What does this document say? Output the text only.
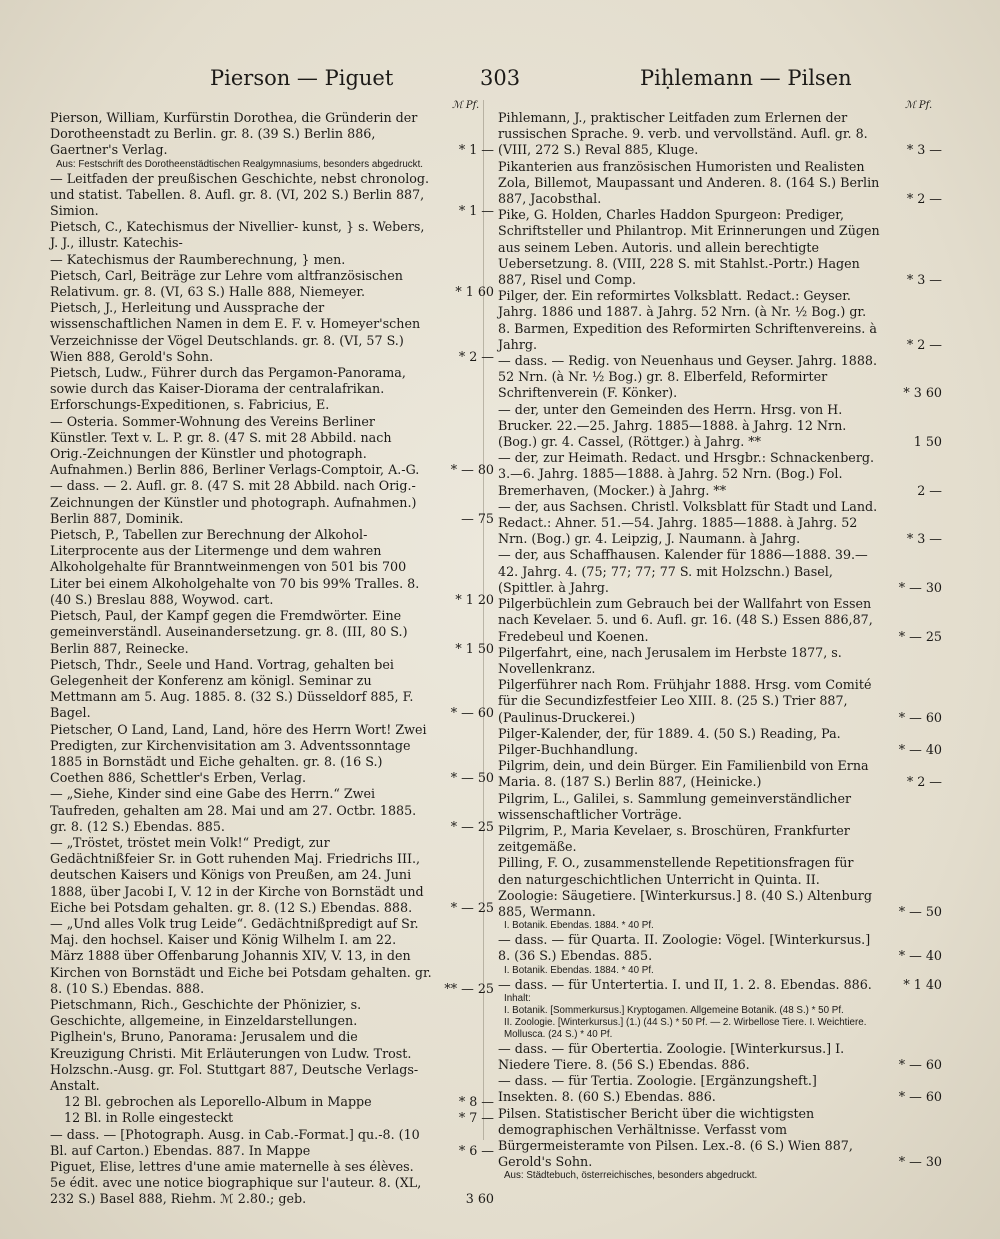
Pierson — Piguet	303	Piḥlemann — Pilsen
ℳ Pf.	ℳ Pf.
Pierson, William, Kurfürstin Dorothea, die Gründerin der Dorotheenstadt zu Berlin. gr. 8. (39 S.) Berlin 886, Gaertner's Verlag.	* 1 —
Aus: Festschrift des Dorotheenstädtischen Realgymnasiums, besonders abgedruckt.
— Leitfaden der preußischen Geschichte, nebst chronolog. und statist. Tabellen. 8. Aufl. gr. 8. (VI, 202 S.) Berlin 887, Simion.	* 1 —
Pietsch, C., Katechismus der Nivellier- kunst, } s. Webers, J. J., illustr. Katechis-
— Katechismus der Raumberechnung, } men.
Pietsch, Carl, Beiträge zur Lehre vom altfranzösischen Relativum. gr. 8. (VI, 63 S.) Halle 888, Niemeyer.	* 1 60
Pietsch, J., Herleitung und Aussprache der wissenschaftlichen Namen in dem E. F. v. Homeyer'schen Verzeichnisse der Vögel Deutschlands. gr. 8. (VI, 57 S.) Wien 888, Gerold's Sohn.	* 2 —
Pietsch, Ludw., Führer durch das Pergamon-Panorama, sowie durch das Kaiser-Diorama der centralafrikan. Erforschungs-Expeditionen, s. Fabricius, E.
— Osteria. Sommer-Wohnung des Vereins Berliner Künstler. Text v. L. P. gr. 8. (47 S. mit 28 Abbild. nach Orig.-Zeichnungen der Künstler und photograph. Aufnahmen.) Berlin 886, Berliner Verlags-Comptoir, A.-G.	* — 80
— dass. — 2. Aufl. gr. 8. (47 S. mit 28 Abbild. nach Orig.-Zeichnungen der Künstler und photograph. Aufnahmen.) Berlin 887, Dominik.	— 75
Pietsch, P., Tabellen zur Berechnung der Alkohol-Literprocente aus der Litermenge und dem wahren Alkoholgehalte für Branntweinmengen von 501 bis 700 Liter bei einem Alkoholgehalte von 70 bis 99% Tralles. 8. (40 S.) Breslau 888, Woywod. cart.	* 1 20
Pietsch, Paul, der Kampf gegen die Fremdwörter. Eine gemeinverständl. Auseinandersetzung. gr. 8. (III, 80 S.) Berlin 887, Reinecke.	* 1 50
Pietsch, Thdr., Seele und Hand. Vortrag, gehalten bei Gelegenheit der Konferenz am königl. Seminar zu Mettmann am 5. Aug. 1885. 8. (32 S.) Düsseldorf 885, F. Bagel.	* — 60
Pietscher, O Land, Land, Land, höre des Herrn Wort! Zwei Predigten, zur Kirchenvisitation am 3. Adventssonntage 1885 in Bornstädt und Eiche gehalten. gr. 8. (16 S.) Coethen 886, Schettler's Erben, Verlag.	* — 50
— „Siehe, Kinder sind eine Gabe des Herrn.“ Zwei Taufreden, gehalten am 28. Mai und am 27. Octbr. 1885. gr. 8. (12 S.) Ebendas. 885.	* — 25
— „Tröstet, tröstet mein Volk!“ Predigt, zur Gedächtnißfeier Sr. in Gott ruhenden Maj. Friedrichs III., deutschen Kaisers und Königs von Preußen, am 24. Juni 1888, über Jacobi I, V. 12 in der Kirche von Bornstädt und Eiche bei Potsdam gehalten. gr. 8. (12 S.) Ebendas. 888.	* — 25
— „Und alles Volk trug Leide“. Gedächtnißpredigt auf Sr. Maj. den hochsel. Kaiser und König Wilhelm I. am 22. März 1888 über Offenbarung Johannis XIV, V. 13, in den Kirchen von Bornstädt und Eiche bei Potsdam gehalten. gr. 8. (10 S.) Ebendas. 888.	** — 25
Pietschmann, Rich., Geschichte der Phönizier, s. Geschichte, allgemeine, in Einzeldarstellungen.
Piglhein's, Bruno, Panorama: Jerusalem und die Kreuzigung Christi. Mit Erläuterungen von Ludw. Trost. Holzschn.-Ausg. gr. Fol. Stuttgart 887, Deutsche Verlags-Anstalt.
12 Bl. gebrochen als Leporello-Album in Mappe	* 8 —
12 Bl. in Rolle eingesteckt	* 7 —
— dass. — [Photograph. Ausg. in Cab.-Format.] qu.-8. (10 Bl. auf Carton.) Ebendas. 887. In Mappe	* 6 —
Piguet, Elise, lettres d'une amie maternelle à ses élèves. 5e édit. avec une notice biographique sur l'auteur. 8. (XL, 232 S.) Basel 888, Riehm. ℳ 2.80.; geb.	3 60
Pihlemann, J., praktischer Leitfaden zum Erlernen der russischen Sprache. 9. verb. und vervollständ. Aufl. gr. 8. (VIII, 272 S.) Reval 885, Kluge.	* 3 —
Pikanterien aus französischen Humoristen und Realisten Zola, Billemot, Maupassant und Anderen. 8. (164 S.) Berlin 887, Jacobsthal.	* 2 —
Pike, G. Holden, Charles Haddon Spurgeon: Prediger, Schriftsteller und Philantrop. Mit Erinnerungen und Zügen aus seinem Leben. Autoris. und allein berechtigte Uebersetzung. 8. (VIII, 228 S. mit Stahlst.-Portr.) Hagen 887, Risel und Comp.	* 3 —
Pilger, der. Ein reformirtes Volksblatt. Redact.: Geyser. Jahrg. 1886 und 1887. à Jahrg. 52 Nrn. (à Nr. ½ Bog.) gr. 8. Barmen, Expedition des Reformirten Schriftenvereins. à Jahrg.	* 2 —
— dass. — Redig. von Neuenhaus und Geyser. Jahrg. 1888. 52 Nrn. (à Nr. ½ Bog.) gr. 8. Elberfeld, Reformirter Schriftenverein (F. Könker).	* 3 60
— der, unter den Gemeinden des Herrn. Hrsg. von H. Brucker. 22.—25. Jahrg. 1885—1888. à Jahrg. 12 Nrn. (Bog.) gr. 4. Cassel, (Röttger.) à Jahrg. **	1 50
— der, zur Heimath. Redact. und Hrsgbr.: Schnackenberg. 3.—6. Jahrg. 1885—1888. à Jahrg. 52 Nrn. (Bog.) Fol. Bremerhaven, (Mocker.) à Jahrg. **	2 —
— der, aus Sachsen. Christl. Volksblatt für Stadt und Land. Redact.: Ahner. 51.—54. Jahrg. 1885—1888. à Jahrg. 52 Nrn. (Bog.) gr. 4. Leipzig, J. Naumann. à Jahrg.	* 3 —
— der, aus Schaffhausen. Kalender für 1886—1888. 39.—42. Jahrg. 4. (75; 77; 77; 77 S. mit Holzschn.) Basel, (Spittler. à Jahrg.	* — 30
Pilgerbüchlein zum Gebrauch bei der Wallfahrt von Essen nach Kevelaer. 5. und 6. Aufl. gr. 16. (48 S.) Essen 886,87, Fredebeul und Koenen.	* — 25
Pilgerfahrt, eine, nach Jerusalem im Herbste 1877, s. Novellenkranz.
Pilgerführer nach Rom. Frühjahr 1888. Hrsg. vom Comité für die Secundizfestfeier Leo XIII. 8. (25 S.) Trier 887, (Paulinus-Druckerei.)	* — 60
Pilger-Kalender, der, für 1889. 4. (50 S.) Reading, Pa. Pilger-Buchhandlung.	* — 40
Pilgrim, dein, und dein Bürger. Ein Familienbild von Erna Maria. 8. (187 S.) Berlin 887, (Heinicke.)	* 2 —
Pilgrim, L., Galilei, s. Sammlung gemeinverständlicher wissenschaftlicher Vorträge.
Pilgrim, P., Maria Kevelaer, s. Broschüren, Frankfurter zeitgemäße.
Pilling, F. O., zusammenstellende Repetitionsfragen für den naturgeschichtlichen Unterricht in Quinta. II. Zoologie: Säugetiere. [Winterkursus.] 8. (40 S.) Altenburg 885, Wermann.	* — 50
I. Botanik. Ebendas. 1884. * 40 Pf.
— dass. — für Quarta. II. Zoologie: Vögel. [Winterkursus.] 8. (36 S.) Ebendas. 885.	* — 40
I. Botanik. Ebendas. 1884. * 40 Pf.
— dass. — für Untertertia. I. und II, 1. 2. 8. Ebendas. 886.	* 1 40
Inhalt:
I. Botanik. [Sommerkursus.] Kryptogamen. Allgemeine Botanik. (48 S.) * 50 Pf.
II. Zoologie. [Winterkursus.] (1.) (44 S.) * 50 Pf. — 2. Wirbellose Tiere. I. Weichtiere. Mollusca. (24 S.) * 40 Pf.
— dass. — für Obertertia. Zoologie. [Winterkursus.] I. Niedere Tiere. 8. (56 S.) Ebendas. 886.	* — 60
— dass. — für Tertia. Zoologie. [Ergänzungsheft.] Insekten. 8. (60 S.) Ebendas. 886.	* — 60
Pilsen. Statistischer Bericht über die wichtigsten demographischen Verhältnisse. Verfasst vom Bürgermeisteramte von Pilsen. Lex.-8. (6 S.) Wien 887, Gerold's Sohn.	* — 30
Aus: Städtebuch, österreichisches, besonders abgedruckt.
